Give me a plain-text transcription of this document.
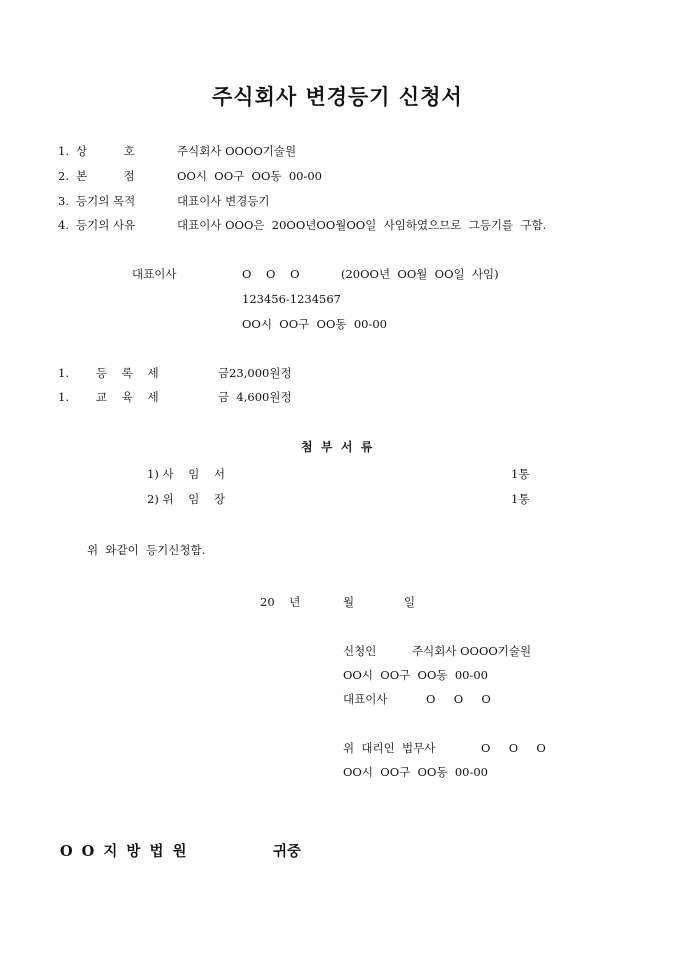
주식회사 변경등기 신청서
1. 상          호	주식회사 OOOO기술원
2. 본          점	OO시  OO구  OO동  00-00
3. 등기의 목적	대표이사 변경등기
4. 등기의 사유	대표이사 OOO은  20OO년OO월OO일  사임하였으므로  그등기를  구함.
대표이사	O    O    O	(20OO년  OO월  OO일  사임)
123456-1234567
OO시  OO구  OO동  00-00
1. 등    록    세	금23,000원정
1. 교    육    세	금  4,600원정
첨  부  서  류
1) 사    임    서	1통
2) 위    임    장	1통
위  와같이  등기신청함.
20    년	월	일
신청인	주식회사 OOOO기술원
OO시  OO구  OO동  00-00
대표이사	O     O     O
위  대리인  법무사	O     O     O
OO시  OO구  OO동  00-00
O O 지 방 법 원	귀중
